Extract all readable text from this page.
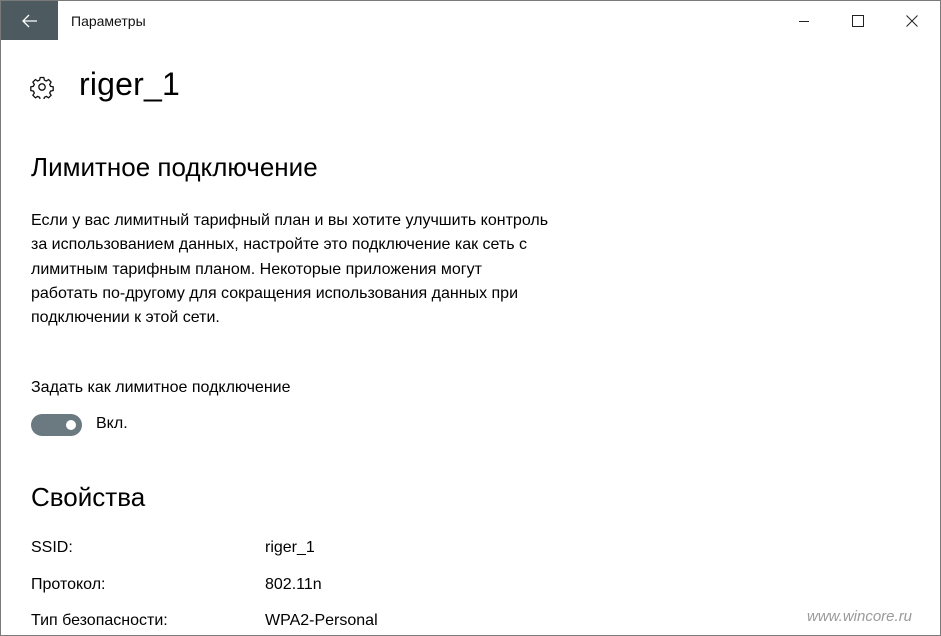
Параметры
riger_1
Лимитное подключение
Если у вас лимитный тарифный план и вы хотите улучшить контроль за использованием данных, настройте это подключение как сеть с лимитным тарифным планом. Некоторые приложения могут работать по-другому для сокращения использования данных при подключении к этой сети.
Задать как лимитное подключение
Вкл.
Свойства
SSID:	riger_1
Протокол:	802.11n
Тип безопасности:	WPA2-Personal	www.wincore.ru
